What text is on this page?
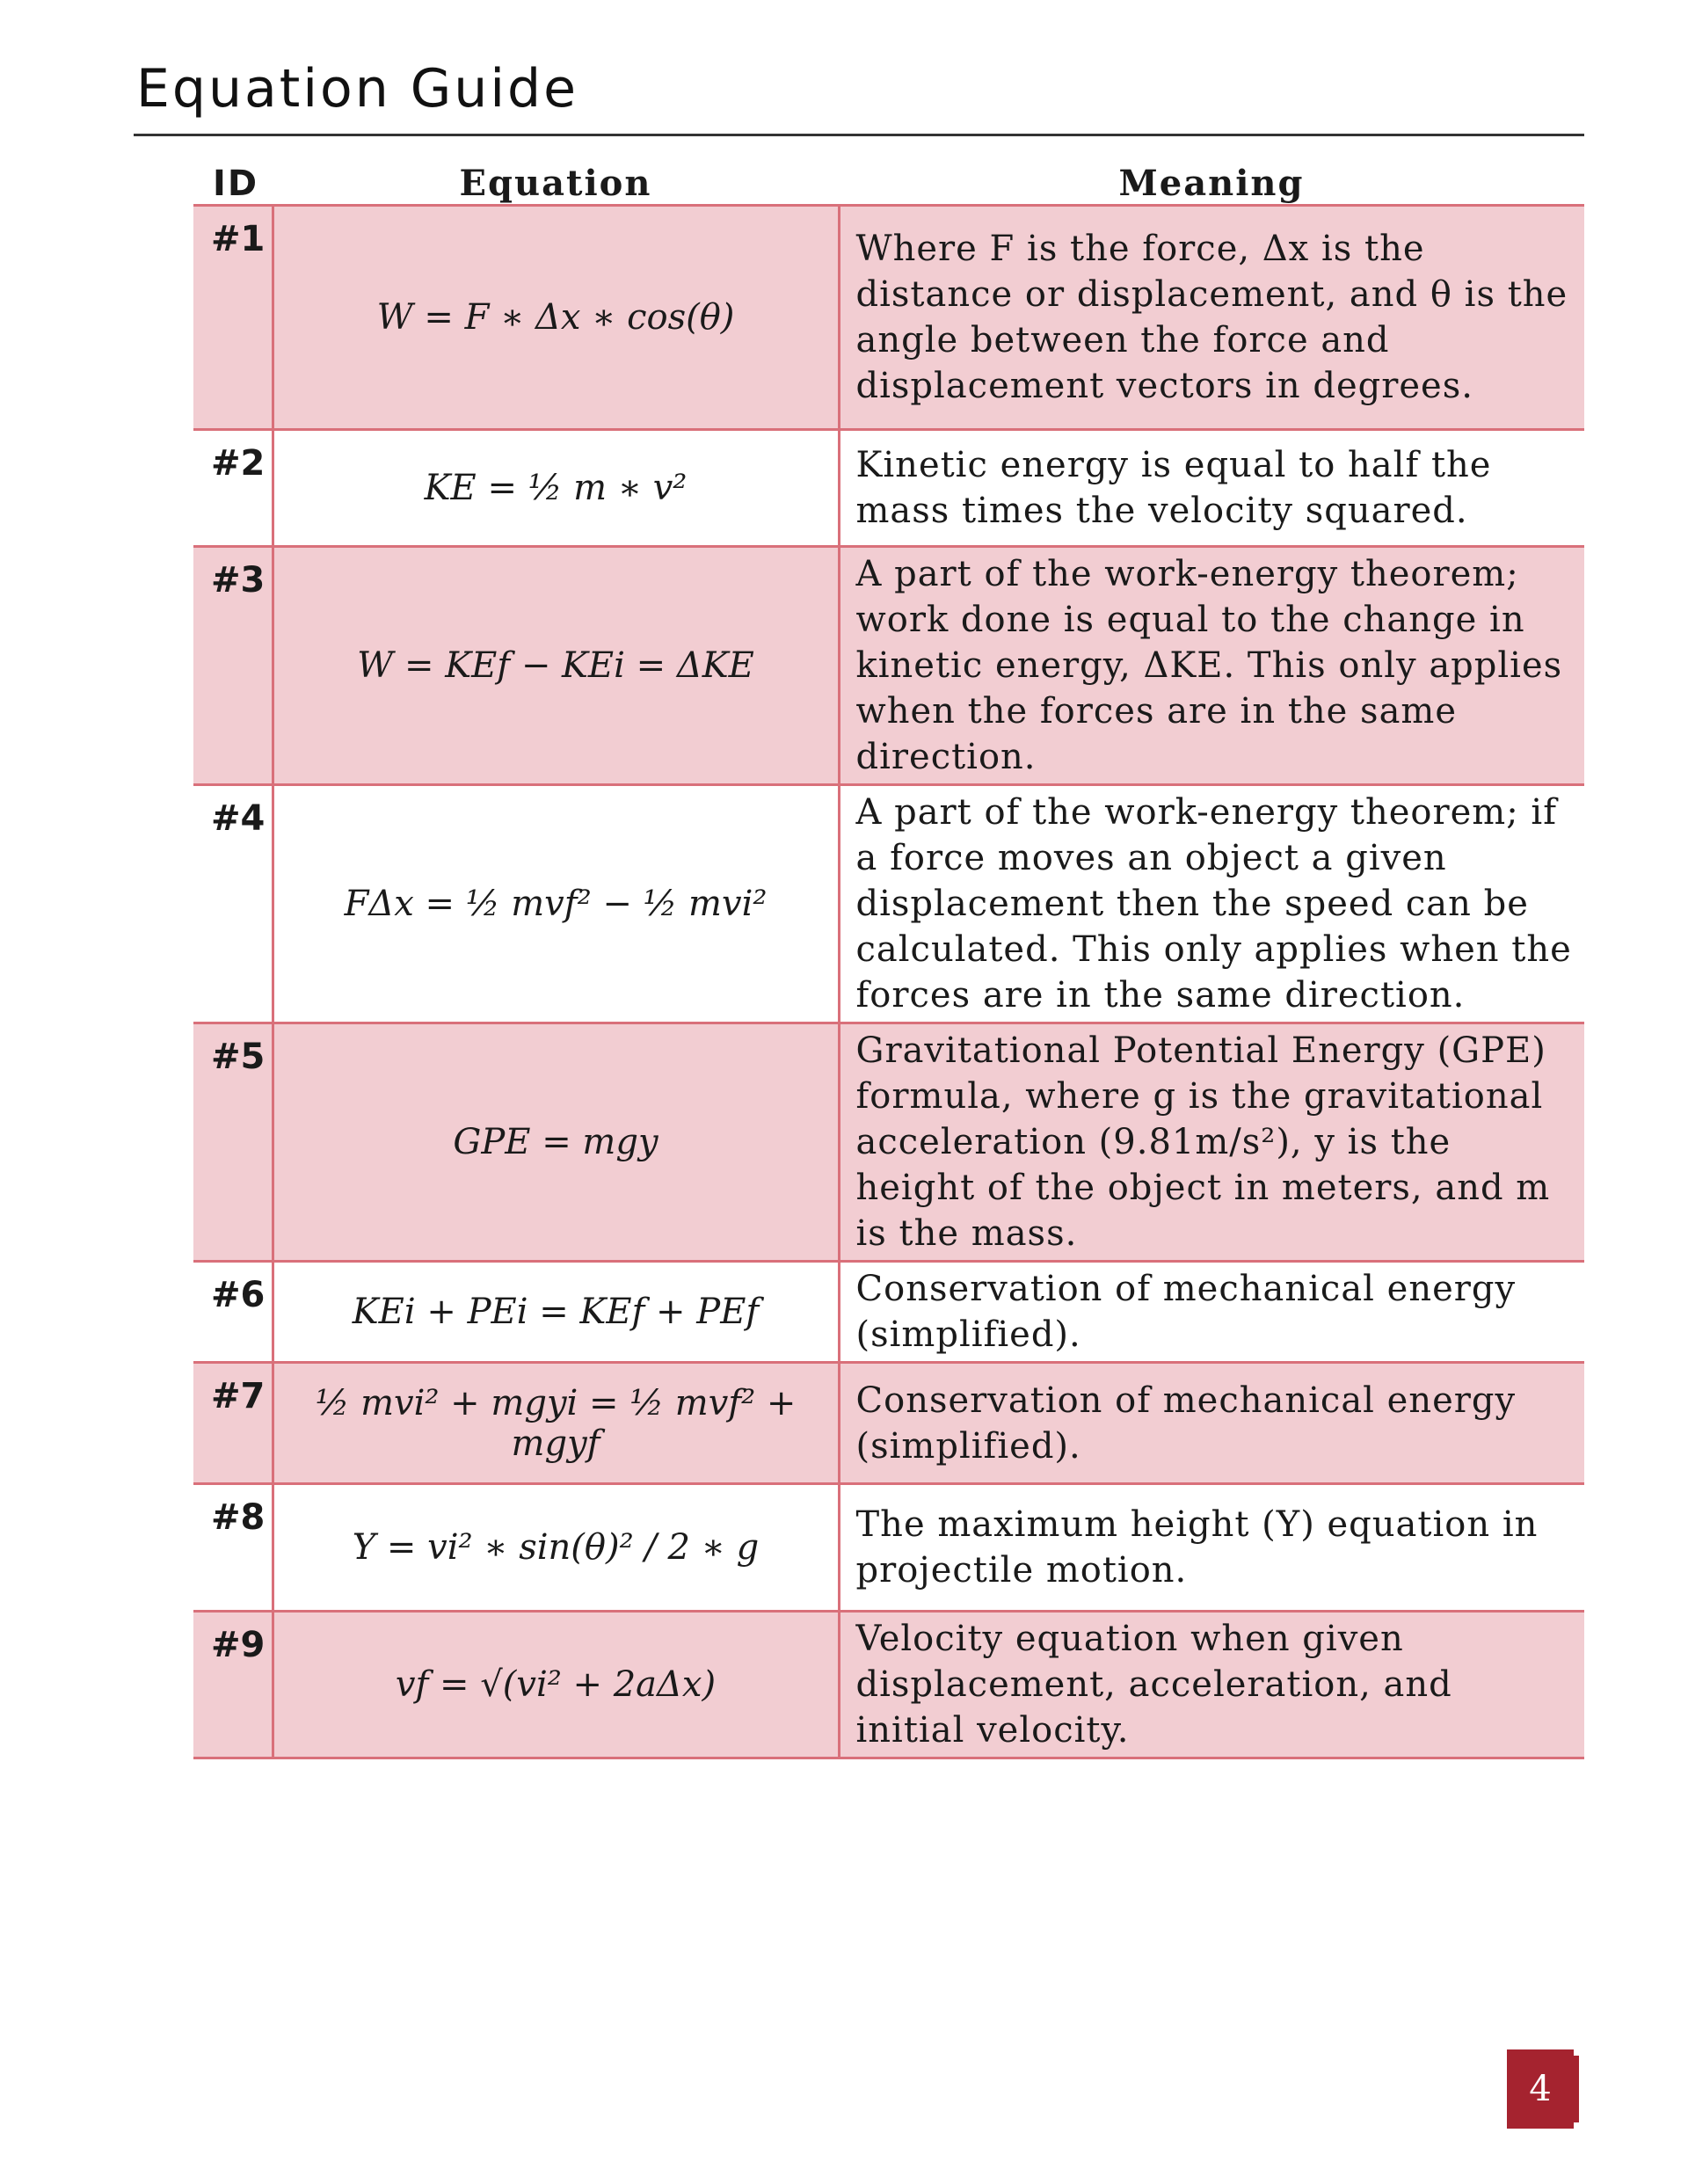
Equation Guide
ID	Equation	Meaning
#1	W = F ∗ Δx ∗ cos(θ)	Where F is the force, Δx is the distance or displacement, and θ is the angle between the force and displacement vectors in degrees.
#2	KE = ½ m ∗ v²	Kinetic energy is equal to half the mass times the velocity squared.
#3	W = KEf − KEi = ΔKE	A part of the work-energy theorem; work done is equal to the change in kinetic energy, ΔKE. This only applies when the forces are in the same direction.
#4	FΔx = ½ mvf² − ½ mvi²	A part of the work-energy theorem; if a force moves an object a given displacement then the speed can be calculated. This only applies when the forces are in the same direction.
#5	GPE = mgy	Gravitational Potential Energy (GPE) formula, where g is the gravitational acceleration (9.81m/s²), y is the height of the object in meters, and m is the mass.
#6	KEi + PEi = KEf + PEf	Conservation of mechanical energy (simplified).
#7	½ mvi² + mgyi = ½ mvf² + mgyf	Conservation of mechanical energy (simplified).
#8	Y = vi² ∗ sin(θ)² / 2 ∗ g	The maximum height (Y) equation in projectile motion.
#9	vf = √(vi² + 2aΔx)	Velocity equation when given displacement, acceleration, and initial velocity.
4
